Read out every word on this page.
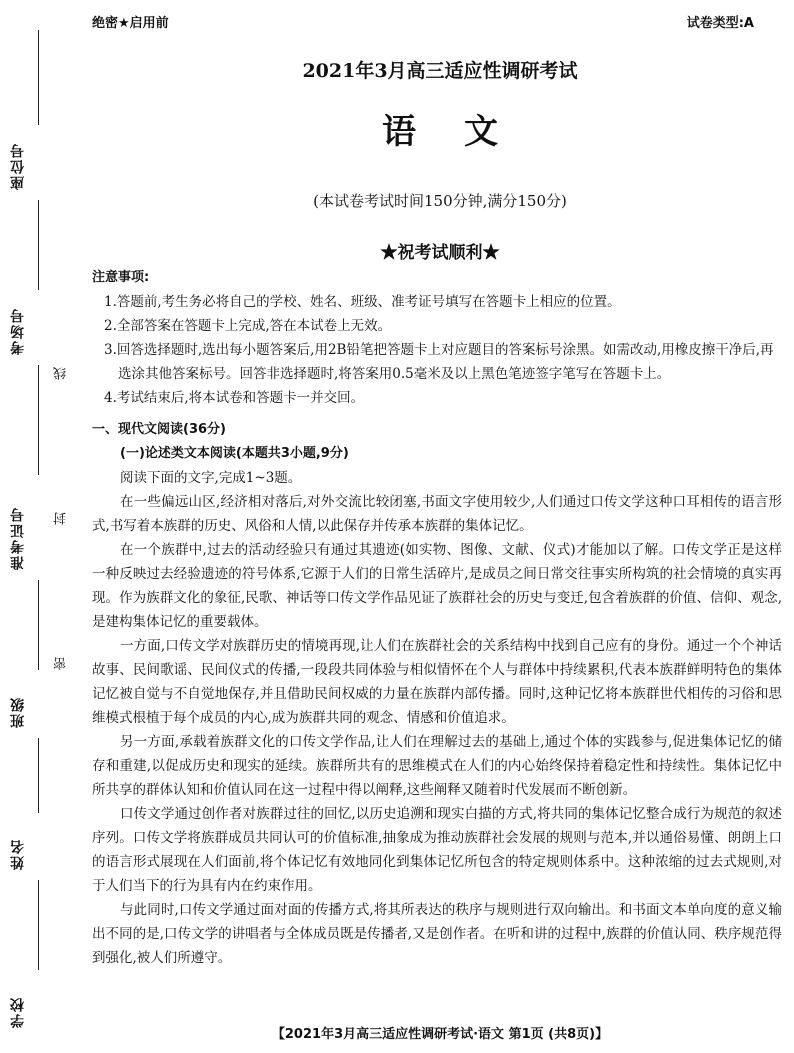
座位号
考场号
准考证号
班级
姓名
学校
线
封
密
绝密★启用前	试卷类型:A
2021年3月高三适应性调研考试
语文
(本试卷考试时间150分钟,满分150分)
★祝考试顺利★
注意事项:
1.答题前,考生务必将自己的学校、姓名、班级、准考证号填写在答题卡上相应的位置。
2.全部答案在答题卡上完成,答在本试卷上无效。
3.回答选择题时,选出每小题答案后,用2B铅笔把答题卡上对应题目的答案标号涂黑。如需改动,用橡皮擦干净后,再选涂其他答案标号。回答非选择题时,将答案用0.5毫米及以上黑色笔迹签字笔写在答题卡上。
4.考试结束后,将本试卷和答题卡一并交回。
一、现代文阅读(36分)
(一)论述类文本阅读(本题共3小题,9分)
阅读下面的文字,完成1~3题。
在一些偏远山区,经济相对落后,对外交流比较闭塞,书面文字使用较少,人们通过口传文学这种口耳相传的语言形式,书写着本族群的历史、风俗和人情,以此保存并传承本族群的集体记忆。
在一个族群中,过去的活动经验只有通过其遗迹(如实物、图像、文献、仪式)才能加以了解。口传文学正是这样一种反映过去经验遗迹的符号体系,它源于人们的日常生活碎片,是成员之间日常交往事实所构筑的社会情境的真实再现。作为族群文化的象征,民歌、神话等口传文学作品见证了族群社会的历史与变迁,包含着族群的价值、信仰、观念,是建构集体记忆的重要载体。
一方面,口传文学对族群历史的情境再现,让人们在族群社会的关系结构中找到自己应有的身份。通过一个个神话故事、民间歌谣、民间仪式的传播,一段段共同体验与相似情怀在个人与群体中持续累积,代表本族群鲜明特色的集体记忆被自觉与不自觉地保存,并且借助民间权威的力量在族群内部传播。同时,这种记忆将本族群世代相传的习俗和思维模式根植于每个成员的内心,成为族群共同的观念、情感和价值追求。
另一方面,承载着族群文化的口传文学作品,让人们在理解过去的基础上,通过个体的实践参与,促进集体记忆的储存和重建,以促成历史和现实的延续。族群所共有的思维模式在人们的内心始终保持着稳定性和持续性。集体记忆中所共享的群体认知和价值认同在这一过程中得以阐释,这些阐释又随着时代发展而不断创新。
口传文学通过创作者对族群过往的回忆,以历史追溯和现实白描的方式,将共同的集体记忆整合成行为规范的叙述序列。口传文学将族群成员共同认可的价值标准,抽象成为推动族群社会发展的规则与范本,并以通俗易懂、朗朗上口的语言形式展现在人们面前,将个体记忆有效地同化到集体记忆所包含的特定规则体系中。这种浓缩的过去式规则,对于人们当下的行为具有内在约束作用。
与此同时,口传文学通过面对面的传播方式,将其所表达的秩序与规则进行双向输出。和书面文本单向度的意义输出不同的是,口传文学的讲唱者与全体成员既是传播者,又是创作者。在听和讲的过程中,族群的价值认同、秩序规范得到强化,被人们所遵守。
【2021年3月高三适应性调研考试·语文 第1页 (共8页)】
